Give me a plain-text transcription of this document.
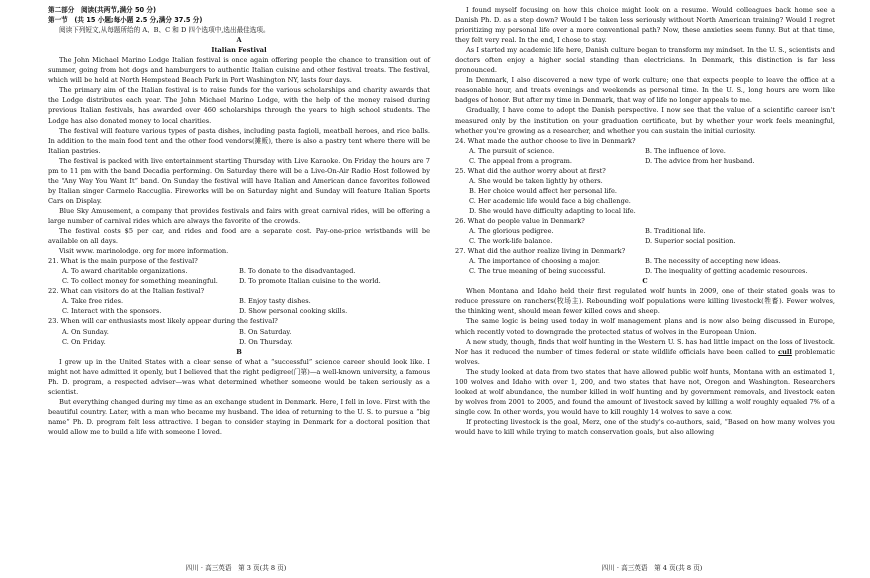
第二部分　阅读(共两节,满分 50 分)

第一节　(共 15 小题;每小题 2.5 分,满分 37.5 分)

阅读下列短文,从每题所给的 A、B、C 和 D 四个选项中,选出最佳选项。

A

Italian Festival

The John Michael Marino Lodge Italian festival is once again offering people the chance to transition out of summer, going from hot dogs and hamburgers to authentic Italian cuisine and other festival treats. The festival, which will be held at North Hempstead Beach Park in Port Washington NY, lasts four days.

The primary aim of the Italian festival is to raise funds for the various scholarships and charity awards that the Lodge distributes each year. The John Michael Marino Lodge, with the help of the money raised during previous Italian festivals, has awarded over 460 scholarships through the years to high school students. The Lodge has also donated money to local charities.

The festival will feature various types of pasta dishes, including pasta fagioli, meatball heroes, and rice balls. In addition to the main food tent and the other food vendors(摊贩), there is also a pastry tent where there will be Italian pastries.

The festival is packed with live entertainment starting Thursday with Live Karaoke. On Friday the hours are 7 pm to 11 pm with the band Decadia performing. On Saturday there will be a Live-On-Air Radio Host followed by the “Any Way You Want It” band. On Sunday the festival will have Italian and American dance favorites followed by Italian singer Carmelo Raccuglia. Fireworks will be on Saturday night and Sunday will feature Italian Sports Cars on Display.

Blue Sky Amusement, a company that provides festivals and fairs with great carnival rides, will be offering a large number of carnival rides which are always the favorite of the crowds.

The festival costs $5 per car, and rides and food are a separate cost. Pay-one-price wristbands will be available on all days.

Visit www. marinolodge. org for more information.

21. What is the main purpose of the festival?

A. To award charitable organizations.	B. To donate to the disadvantaged.
C. To collect money for something meaningful.	D. To promote Italian cuisine to the world.

22. What can visitors do at the Italian festival?

A. Take free rides.	B. Enjoy tasty dishes.
C. Interact with the sponsors.	D. Show personal cooking skills.

23. When will car enthusiasts most likely appear during the festival?

A. On Sunday.	B. On Saturday.
C. On Friday.	D. On Thursday.

B

I grew up in the United States with a clear sense of what a “successful” science career should look like. I might not have admitted it openly, but I believed that the right pedigree(门第)—a well-known university, a famous Ph. D. program, a respected adviser—was what determined whether someone would be taken seriously as a scientist.

But everything changed during my time as an exchange student in Denmark. Here, I fell in love. First with the beautiful country. Later, with a man who became my husband. The idea of returning to the U. S. to pursue a “big name” Ph. D. program felt less attractive. I began to consider staying in Denmark for a doctoral position that would allow me to build a life with someone I loved.

I found myself focusing on how this choice might look on a resume. Would colleagues back home see a Danish Ph. D. as a step down? Would I be taken less seriously without North American training? Would I regret prioritizing my personal life over a more conventional path? Now, these anxieties seem funny. But at that time, they felt very real. In the end, I chose to stay.

As I started my academic life here, Danish culture began to transform my mindset. In the U. S., scientists and doctors often enjoy a higher social standing than electricians. In Denmark, this distinction is far less pronounced.

In Denmark, I also discovered a new type of work culture; one that expects people to leave the office at a reasonable hour, and treats evenings and weekends as personal time. In the U. S., long hours are worn like badges of honor. But after my time in Denmark, that way of life no longer appeals to me.

Gradually, I have come to adopt the Danish perspective. I now see that the value of a scientific career isn't measured only by the institution on your graduation certificate, but by whether your work feels meaningful, whether you're growing as a researcher, and whether you can sustain the initial curiosity.

24. What made the author choose to live in Denmark?

A. The pursuit of science.	B. The influence of love.
C. The appeal from a program.	D. The advice from her husband.

25. What did the author worry about at first?

A. She would be taken lightly by others.

B. Her choice would affect her personal life.

C. Her academic life would face a big challenge.

D. She would have difficulty adapting to local life.

26. What do people value in Denmark?

A. The glorious pedigree.	B. Traditional life.
C. The work-life balance.	D. Superior social position.

27. What did the author realize living in Denmark?

A. The importance of choosing a major.	B. The necessity of accepting new ideas.
C. The true meaning of being successful.	D. The inequality of getting academic resources.

C

When Montana and Idaho held their first regulated wolf hunts in 2009, one of their stated goals was to reduce pressure on ranchers(牧场主). Rebounding wolf populations were killing livestock(牲畜). Fewer wolves, the thinking went, should mean fewer killed cows and sheep.

The same logic is being used today in wolf management plans and is now also being discussed in Europe, which recently voted to downgrade the protected status of wolves in the European Union.

A new study, though, finds that wolf hunting in the Western U. S. has had little impact on the loss of livestock. Nor has it reduced the number of times federal or state wildlife officials have been called to cull problematic wolves.

The study looked at data from two states that have allowed public wolf hunts, Montana with an estimated 1, 100 wolves and Idaho with over 1, 200, and two states that have not, Oregon and Washington. Researchers looked at wolf abundance, the number killed in wolf hunting and by government removals, and livestock eaten by wolves from 2001 to 2005, and found the amount of livestock saved by killing a wolf roughly equaled 7% of a single cow. In other words, you would have to kill roughly 14 wolves to save a cow.

If protecting livestock is the goal, Merz, one of the study's co-authors, said, “Based on how many wolves you would have to kill while trying to match conservation goals, but also allowing

四川 · 高三英语　第 3 页(共 8 页)	四川 · 高三英语　第 4 页(共 8 页)
